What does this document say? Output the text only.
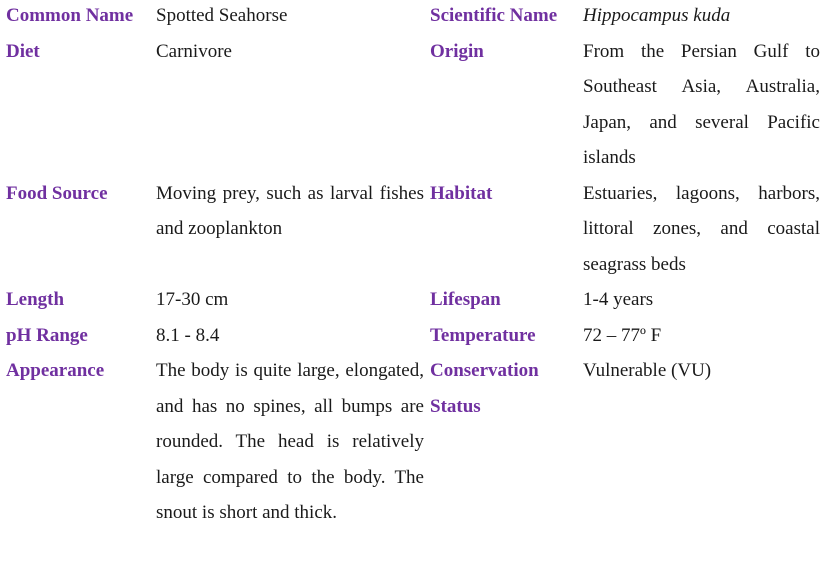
Common Name	Spotted Seahorse	Scientific Name	Hippocampus kuda
Diet	Carnivore	Origin	From the Persian Gulf to Southeast Asia, Australia, Japan, and several Pacific islands
Food Source	Moving prey, such as larval fishes and zooplankton	Habitat	Estuaries, lagoons, harbors, littoral zones, and coastal seagrass beds
Length	17-30 cm	Lifespan	1-4 years
pH Range	8.1 - 8.4	Temperature	72 – 77º F
Appearance	The body is quite large, elongated, and has no spines, all bumps are rounded. The head is relatively large compared to the body. The snout is short and thick.	Conservation Status	Vulnerable (VU)
